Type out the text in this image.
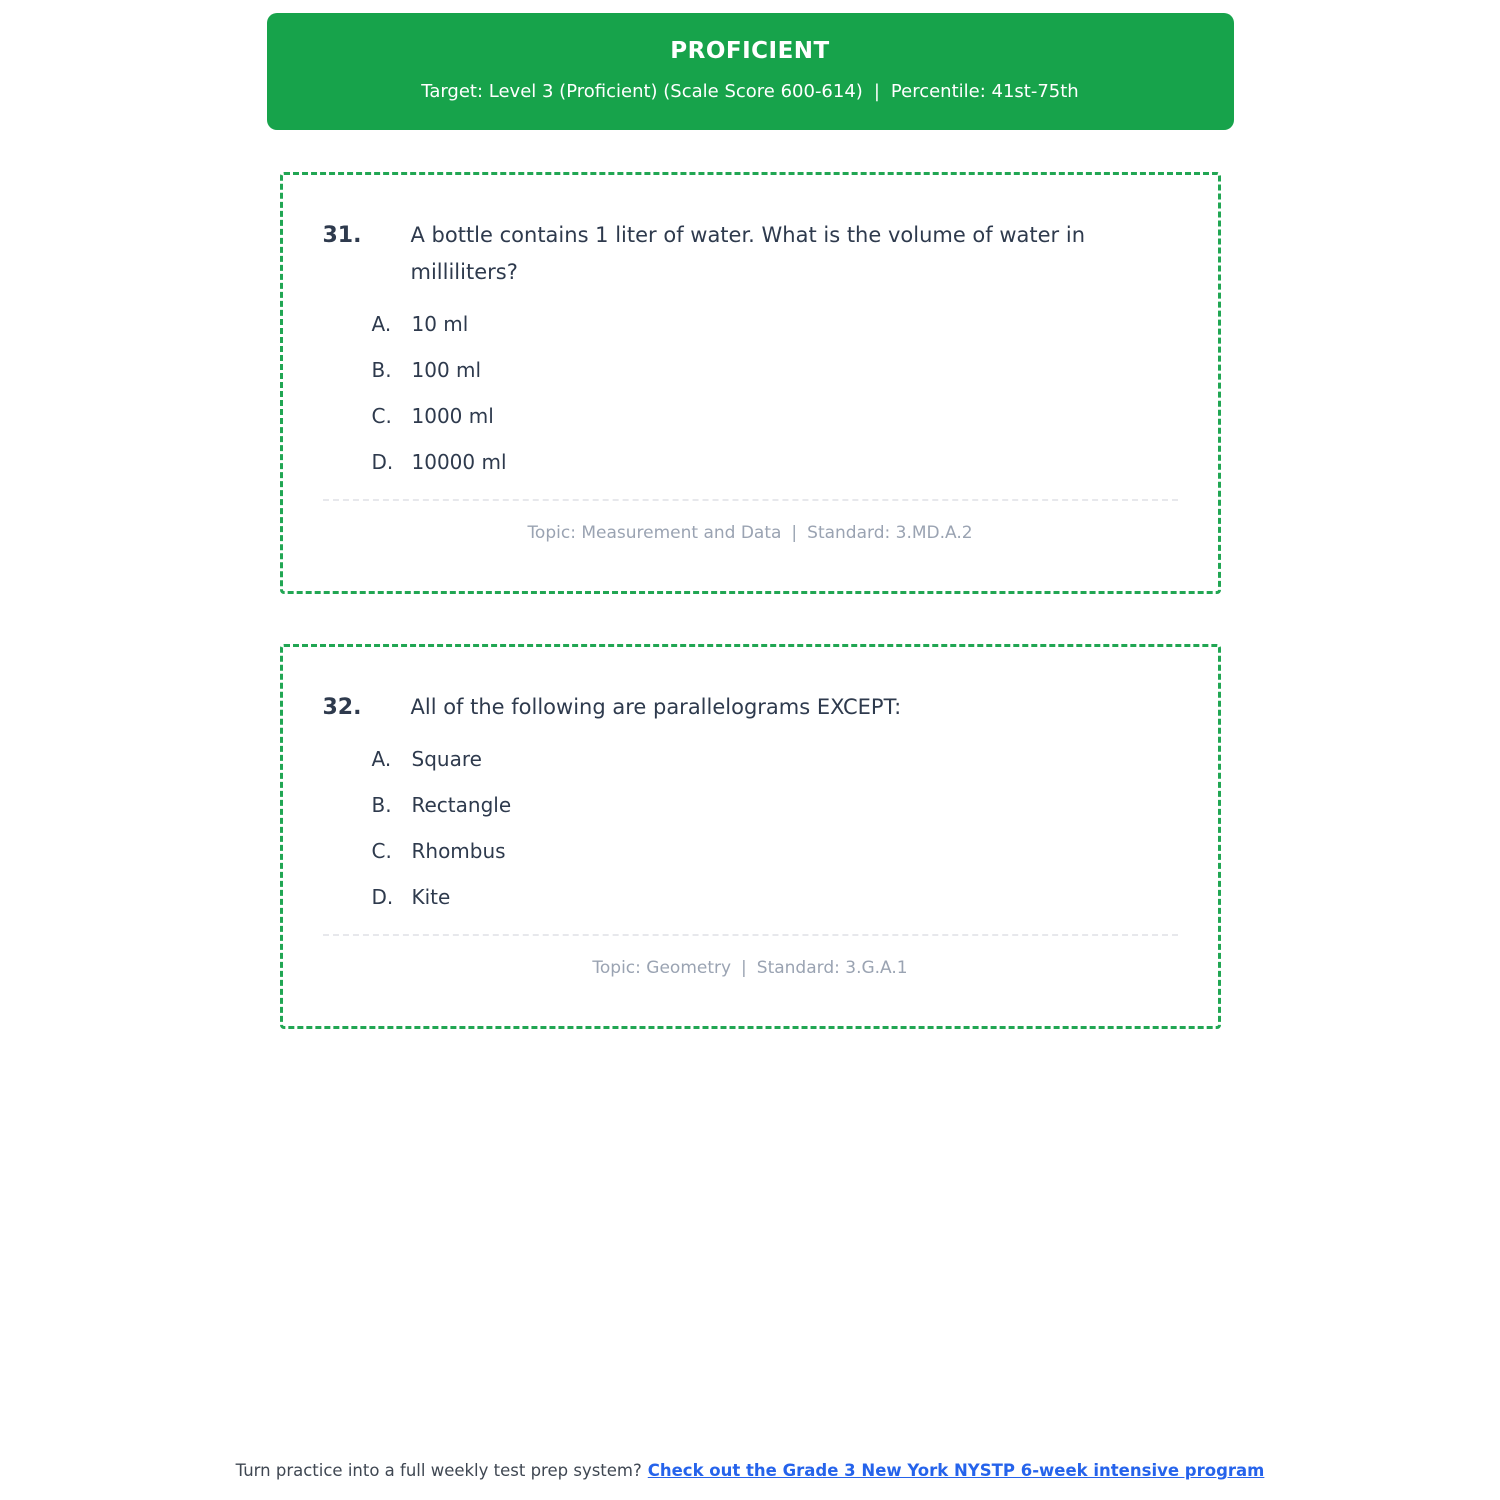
PROFICIENT
Target: Level 3 (Proficient) (Scale Score 600-614) | Percentile: 41st-75th
31.	A bottle contains 1 liter of water. What is the volume of water in milliliters?

A.	10 ml
B. 100 ml
C. 1000 ml
D. 10000 ml

Topic: Measurement and Data | Standard: 3.MD.A.2

32.	All of the following are parallelograms EXCEPT:

A.	Square
B. Rectangle
C. Rhombus
D. Kite

Topic: Geometry | Standard: 3.G.A.1

Turn practice into a full weekly test prep system? Check out the Grade 3 New York NYSTP 6-week intensive program
